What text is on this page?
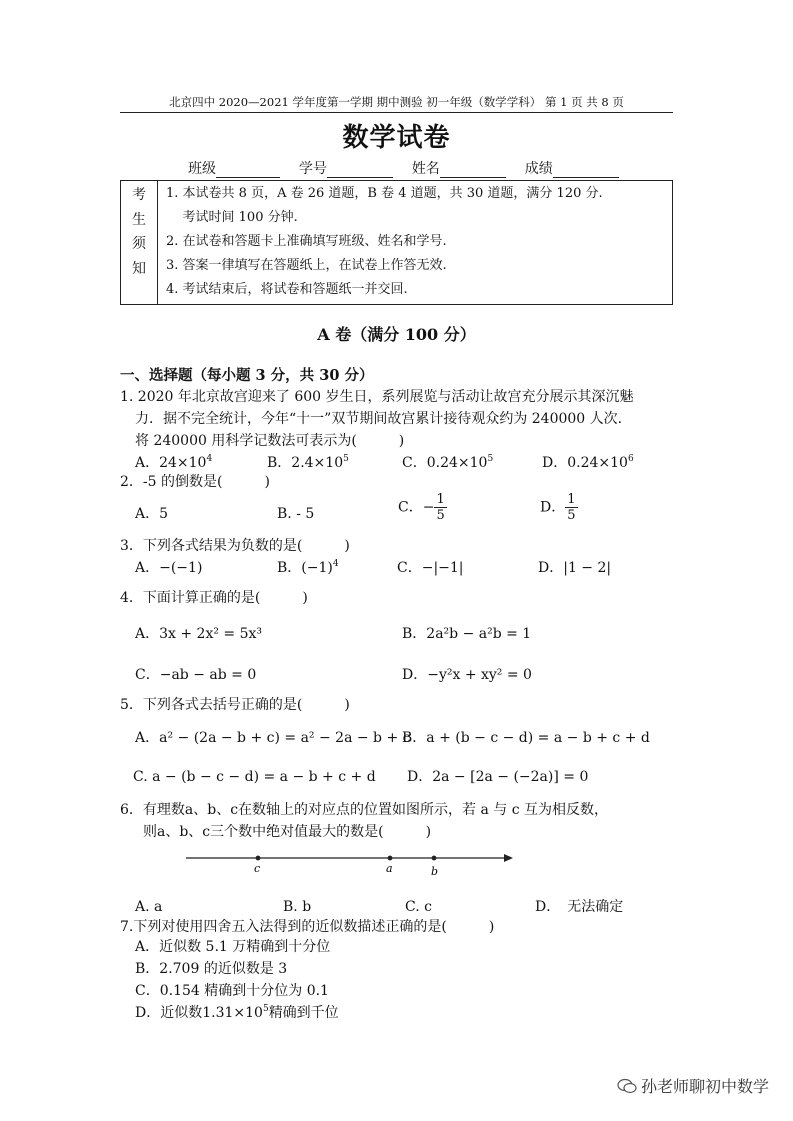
北京四中 2020—2021 学年度第一学期 期中测验 初一年级（数学学科） 第 1 页 共 8 页
数学试卷
班级	学号	姓名	成绩
考
生
须
知

1. 本试卷共 8 页，A 卷 26 道题，B 卷 4 道题，共 30 道题，满分 120 分.
考试时间 100 分钟.
2. 在试卷和答题卡上准确填写班级、姓名和学号.
3. 答案一律填写在答题纸上，在试卷上作答无效.
4. 考试结束后，将试卷和答题纸一并交回.
A 卷（满分 100 分）
一、选择题（每小题 3 分，共 30 分）
1. 2020 年北京故宫迎来了 600 岁生日，系列展览与活动让故宫充分展示其深沉魅
力．据不完全统计，今年“十一”双节期间故宫累计接待观众约为 240000 人次.
将 240000 用科学记数法可表示为(　　　)
A．$24\times 10^4$	B．$2.4\times 10^5$	C．$0.24\times 10^5$	D．$0.24\times 10^6$
2．-5 的倒数是(　　　)
A．5	B. - 5	C．− $\frac{1}{5}$	D． $\frac{1}{5}$
3．下列各式结果为负数的是(　　　)
A．−(−1)	B．$(-1)^4$	C．−|−1|	D．|1 − 2|
4．下面计算正确的是(　　　)
A．3x + 2x² = 5x³	B．2a²b − a²b = 1
C．−ab − ab = 0	D．−y²x + xy² = 0
5．下列各式去括号正确的是(　　　)
A．a² − (2a − b + c) = a² − 2a − b + c
B．a + (b − c − d) = a − b + c + d
C. a − (b − c − d) = a − b + c + d D．2a − [2a − (−2a)] = 0
6．有理数a、b、c在数轴上的对应点的位置如图所示，若 a 与 c 互为相反数，
则a、b、c三个数中绝对值最大的数是(　　　)
c	a	b
A. a	B. b	C. c	D．　无法确定
7.下列对使用四舍五入法得到的近似数描述正确的是(　　　)
A．近似数 5.1 万精确到十分位
B．2.709 的近似数是 3
C．0.154 精确到十分位为 0.1
D．近似数$1.31\times 10^5$精确到千位
孙老师聊初中数学
